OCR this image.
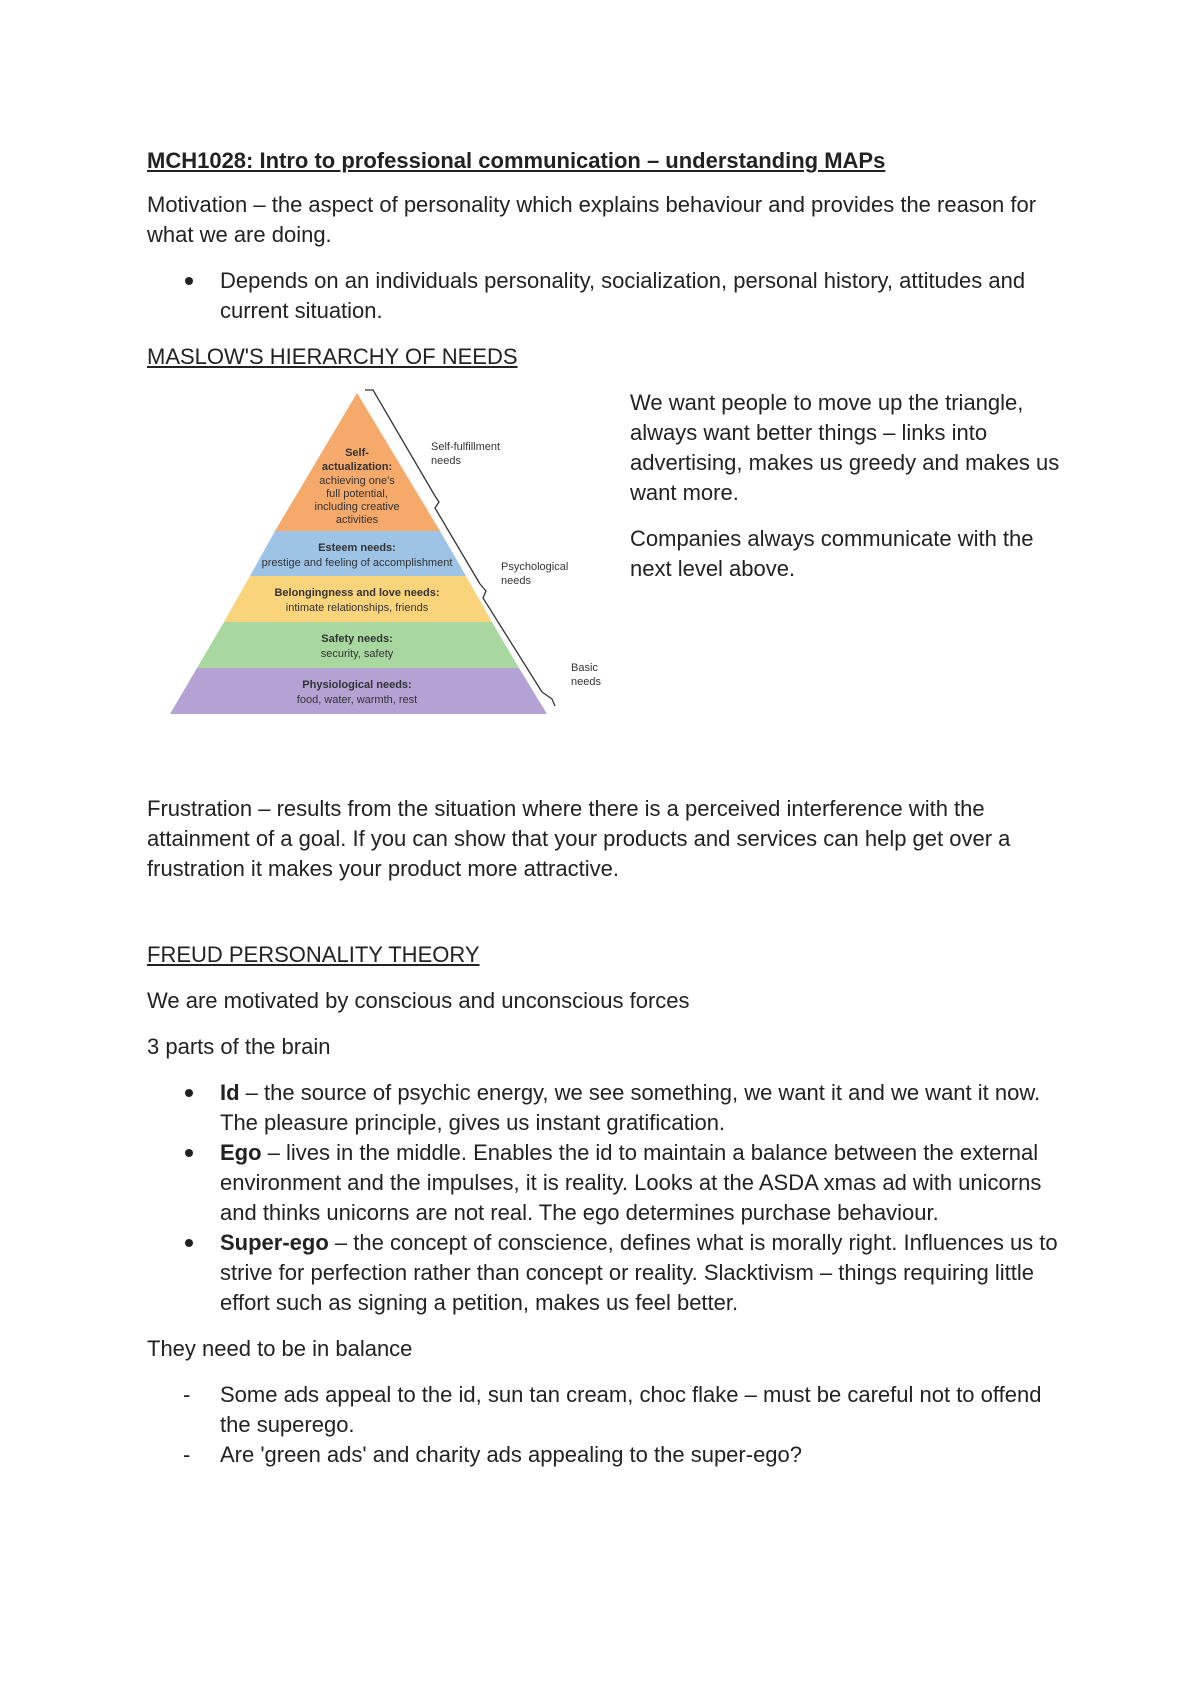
MCH1028: Intro to professional communication – understanding MAPs

Motivation – the aspect of personality which explains behaviour and provides the reason for what we are doing.

Depends on an individuals personality, socialization, personal history, attitudes and current situation.

MASLOW'S HIERARCHY OF NEEDS

Self-
actualization:
achieving one's
full potential,
including creative
activities
Esteem needs:
prestige and feeling of accomplishment
Belongingness and love needs:
intimate relationships, friends
Safety needs:
security, safety
Physiological needs:
food, water, warmth, rest
Self-fulfillment
needs
Psychological
needs
Basic
needs

We want people to move up the triangle, always want better things – links into advertising, makes us greedy and makes us want more.

Companies always communicate with the next level above.

Frustration – results from the situation where there is a perceived interference with the attainment of a goal. If you can show that your products and services can help get over a frustration it makes your product more attractive.

FREUD PERSONALITY THEORY

We are motivated by conscious and unconscious forces

3 parts of the brain

Id – the source of psychic energy, we see something, we want it and we want it now. The pleasure principle, gives us instant gratification.
Ego – lives in the middle. Enables the id to maintain a balance between the external environment and the impulses, it is reality. Looks at the ASDA xmas ad with unicorns and thinks unicorns are not real. The ego determines purchase behaviour.
Super-ego – the concept of conscience, defines what is morally right. Influences us to strive for perfection rather than concept or reality. Slacktivism – things requiring little effort such as signing a petition, makes us feel better.

They need to be in balance

- Some ads appeal to the id, sun tan cream, choc flake – must be careful not to offend the superego.
- Are 'green ads' and charity ads appealing to the super-ego?
